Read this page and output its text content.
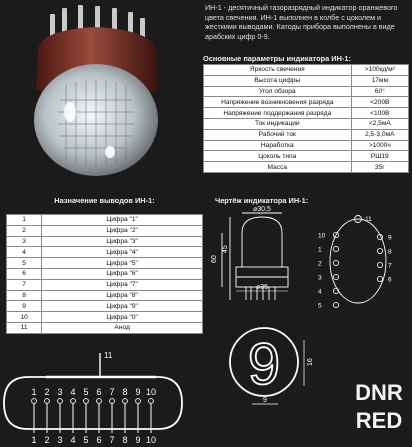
ИН-1 - десятичный газоразрядный индикатор оранжевого цвета свечения. ИН-1 выполнен в колбе с цоколем и жесткими выводами. Катоды прибора выполнены в виде арабских цифр 0-9.
Основные параметры индикатора ИН-1:
Яркость свечения	>100кд/м²
Высота цифры	17мм
Угол обзора	60°
Напряжение возникновения разряда	<200В
Напряжение поддержания разряда	<100В
Ток индикации	<2,5мА
Рабочий ток	2,5-3,0мА
Наработка	>1000ч
Цоколь типа	РШ19
Масса	35г
Назначение выводов ИН-1:
1	Цифра "1"
2	Цифра "2"
3	Цифра "3"
4	Цифра "4"
5	Цифра "5"
6	Цифра "6"
7	Цифра "7"
8	Цифра "8"
9	Цифра "9"
10	Цифра "0"
11	Анод
Чертёж индикатора ИН-1:
⌀30,5
60
45
⌀35
11
10
1
2
3
4
5
9
8
7
6
9	16
9
11
1
1
2
2
3
3
4
4
5
5
6
6
7
7
8
8
9
9
10
10
DNR
RED
